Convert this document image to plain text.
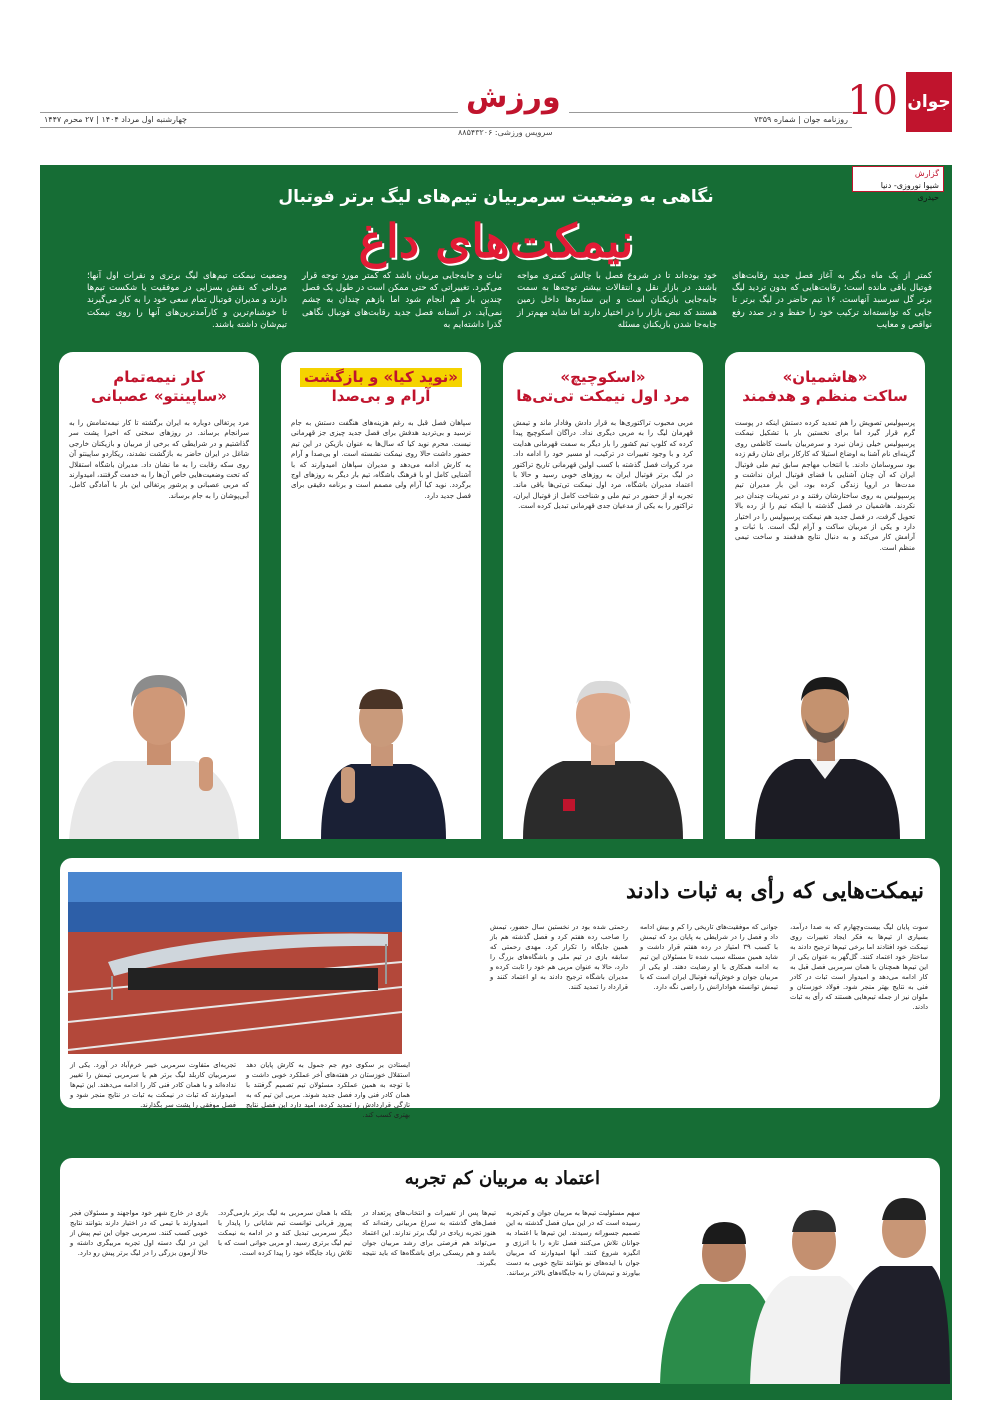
جوان
10
روزنامه جوان | شماره ۷۳۵۹
چهارشنبه اول مرداد ۱۴۰۴ | ۲۷ محرم ۱۴۴۷
ورزش
سرویس ورزشی: ۸۸۵۴۳۲۰۶
گزارش
شیوا نوروزی- دنیا حیدری
نگاهی به وضعیت سرمربیان تیم‌های لیگ برتر فوتبال
نیمکت‌های داغ
کمتر از یک ماه دیگر به آغاز فصل جدید رقابت‌های فوتبال باقی مانده است؛ رقابت‌هایی که بدون تردید لیگ برتر گل سرسبد آنهاست. ۱۶ تیم حاضر در لیگ برتر تا جایی که توانسته‌اند ترکیب خود را حفظ و در صدد رفع نواقص و معایب
خود بوده‌اند تا در شروع فصل با چالش کمتری مواجه باشند. در بازار نقل و انتقالات بیشتر توجه‌ها به سمت جابه‌جایی بازیکنان است و این ستاره‌ها داخل زمین هستند که نبض بازار را در اختیار دارند اما شاید مهم‌تر از جابه‌جا شدن بازیکنان مسئله
ثبات و جابه‌جایی مربیان باشد که کمتر مورد توجه قرار می‌گیرد. تغییراتی که حتی ممکن است در طول یک فصل چندین بار هم انجام شود اما بازهم چندان به چشم نمی‌آید. در آستانه فصل جدید رقابت‌های فوتبال نگاهی گذرا داشته‌ایم به
وضعیت نیمکت تیم‌های لیگ برتری و نفرات اول آنها؛ مردانی که نقش بسزایی در موفقیت یا شکست تیم‌ها دارند و مدیران فوتبال تمام سعی خود را به کار می‌گیرند تا خوشنام‌ترین و کارآمدترین‌های آنها را روی نیمکت تیم‌شان داشته باشند.
«هاشمیان»
ساکت منظم و هدفمند
پرسپولیس تصویش را هم تمدید کرده دستش اینکه در پوست گرم قرار گیرد اما برای نخستین بار با تشکیل نیمکت پرسپولیس خیلی زمان نبرد و سرمربیان باست کاظمی روی گزینه‌ای نام آشنا به اوضاع استیلا که کارکار برای شان رقم زده بود سروسامان دادند. با انتخاب مهاجم سابق تیم ملی فوتبال ایران که آن چنان آشنایی با فضای فوتبال ایران نداشت و مدت‌ها در اروپا زندگی کرده بود، این بار مدیران تیم پرسپولیس به روی ساختارشان رفتند و در تمرینات چندان دیر نکردند. هاشمیان در فصل گذشته با اینکه تیم را از رده بالا تحویل گرفت، در فصل جدید هم نیمکت پرسپولیس را در اختیار دارد و یکی از مربیان ساکت و آرام لیگ است. با ثبات و آرامش کار می‌کند و به دنبال نتایج هدفمند و ساخت تیمی منظم است.
«اسکوچیچ»
مرد اول نیمکت تی‌تی‌ها
مربی محبوب تراکتوری‌ها به قرار دادش وفادار ماند و تیمش قهرمان لیگ را به مربی دیگری نداد. دراگان اسکوچیچ پیدا کرده که کلوپ تیم کشور را بار دیگر به سمت قهرمانی هدایت کرد و با وجود تغییرات در ترکیب، او مسیر خود را ادامه داد. مرد کروات فصل گذشته با کسب اولین قهرمانی تاریخ تراکتور در لیگ برتر فوتبال ایران به روزهای خوبی رسید و حالا با اعتماد مدیران باشگاه، مرد اول نیمکت تی‌تی‌ها باقی ماند. تجربه او از حضور در تیم ملی و شناخت کامل از فوتبال ایران، تراکتور را به یکی از مدعیان جدی قهرمانی تبدیل کرده است.
«نوید کیا» و بازگشت
آرام و بی‌صدا
سپاهان فصل قبل به رغم هزینه‌های هنگفت دستش به جام نرسید و بی‌تردید هدفش برای فصل جدید چیزی جز قهرمانی نیست. محرم نوید کیا که سال‌ها به عنوان بازیکن در این تیم حضور داشت حالا روی نیمکت نشسته است. او بی‌صدا و آرام به کارش ادامه می‌دهد و مدیران سپاهان امیدوارند که با آشنایی کامل او با فرهنگ باشگاه، تیم بار دیگر به روزهای اوج برگردد. نوید کیا آرام ولی مصمم است و برنامه دقیقی برای فصل جدید دارد.
کار نیمه‌تمام
«ساپینتو» عصبانی
مرد پرتغالی دوباره به ایران برگشته تا کار نیمه‌تمامش را به سرانجام برساند. در روزهای سختی که اخیرا پشت سر گذاشتیم و در شرایطی که برخی از مربیان و بازیکنان خارجی شاغل در ایران حاضر به بازگشت نشدند، ریکاردو ساپینتو آن روی سکه رقابت را به ما نشان داد. مدیران باشگاه استقلال که تحت وضعیت‌هایی خاص آن‌ها را به خدمت گرفتند، امیدوارند که مربی عصبانی و پرشور پرتغالی این بار با آمادگی کامل، آبی‌پوشان را به جام برساند.
نیمکت‌هایی که رأی به ثبات دادند
سوت پایان لیگ بیست‌وچهارم که به صدا درآمد، بسیاری از تیم‌ها به فکر ایجاد تغییرات روی نیمکت خود افتادند اما برخی تیم‌ها ترجیح دادند به ساختار خود اعتماد کنند. گل‌گهر به عنوان یکی از این تیم‌ها همچنان با همان سرمربی فصل قبل به کار ادامه می‌دهد و امیدوار است ثبات در کادر فنی به نتایج بهتر منجر شود. فولاد خوزستان و ملوان نیز از جمله تیم‌هایی هستند که رأی به ثبات دادند.
جوانی که موفقیت‌های تاریخی را کم و بیش ادامه داد و فصل را در شرایطی به پایان برد که تیمش با کسب ۳۹ امتیاز در رده هفتم قرار داشت و شاید همین مسئله سبب شده تا مسئولان این تیم به ادامه همکاری با او رضایت دهند. او یکی از مربیان جوان و خوش‌آتیه فوتبال ایران است که با تیمش توانسته هوادارانش را راضی نگه دارد.
رحمتی شده بود در نخستین سال حضور، تیمش را صاحب رده هفتم کرد و فصل گذشته هم باز همین جایگاه را تکرار کرد. مهدی رحمتی که سابقه بازی در تیم ملی و باشگاه‌های بزرگ را دارد، حالا به عنوان مربی هم خود را ثابت کرده و مدیران باشگاه ترجیح دادند به او اعتماد کنند و قرارداد را تمدید کنند.
ایستادن بر سکوی دوم جم جمول به کارش پایان دهد استقلال خوزستان در هفته‌های آخر عملکرد خوبی داشت و با توجه به همین عملکرد مسئولان تیم تصمیم گرفتند با همان کادر فنی وارد فصل جدید شوند. مربی این تیم که به تازگی قراردادش را تمدید کرده، امید دارد این فصل نتایج بهتری کسب کند.
تجربه‌ای متفاوت سرمربی خیبر خرم‌آباد در آورد. یکی از سرمربیان کاربلد لیگ برتر هم یا سرمربی تیمش را تغییر نداده‌اند و با همان کادر فنی کار را ادامه می‌دهند. این تیم‌ها امیدوارند که ثبات در نیمکت به ثبات در نتایج منجر شود و فصل موفقی را پشت سر بگذارند.
اعتماد به مربیان کم تجربه
سهم مسئولیت تیم‌ها به مربیان جوان و کم‌تجربه رسیده است که در این میان فصل گذشته به این تصمیم جسورانه رسیدند. این تیم‌ها با اعتماد به جوانان تلاش می‌کنند فصل تازه را با انرژی و انگیزه شروع کنند. آنها امیدوارند که مربیان جوان با ایده‌های نو بتوانند نتایج خوبی به دست بیاورند و تیم‌شان را به جایگاه‌های بالاتر برسانند.
تیم‌ها پس از تغییرات و انتخاب‌های پرتعداد در فصل‌های گذشته به سراغ مربیانی رفته‌اند که هنوز تجربه زیادی در لیگ برتر ندارند. این اعتماد می‌تواند هم فرصتی برای رشد مربیان جوان باشد و هم ریسکی برای باشگاه‌ها که باید نتیجه بگیرند.
بلکه با همان سرمربی به لیگ برتر بازمی‌گردد. پیروز قربانی توانست تیم شایانی را پایدار با دیگر سرمربی تبدیل کند و در ادامه به نیمکت تیم لیگ برتری رسید. او مربی جوانی است که با تلاش زیاد جایگاه خود را پیدا کرده است.
بازی در خارج شهر خود مواجهند و مسئولان فجر امیدوارند با تیمی که در اختیار دارند بتوانند نتایج خوبی کسب کنند. سرمربی جوان این تیم پیش از این در لیگ دسته اول تجربه مربیگری داشته و حالا آزمون بزرگی را در لیگ برتر پیش رو دارد.
